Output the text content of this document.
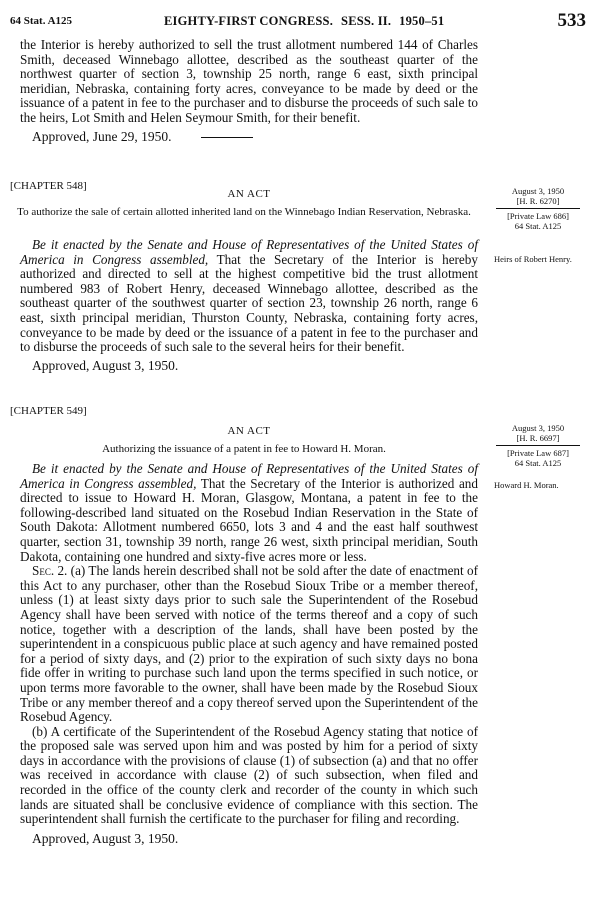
64 Stat. A125	EIGHTY-FIRST CONGRESS. SESS. II. 1950–51	533

the Interior is hereby authorized to sell the trust allotment numbered 144 of Charles Smith, deceased Winnebago allottee, described as the southeast quarter of the northwest quarter of section 3, township 25 north, range 6 east, sixth principal meridian, Nebraska, containing forty acres, conveyance to be made by deed or the issuance of a patent in fee to the purchaser and to disburse the proceeds of such sale to the heirs, Lot Smith and Helen Seymour Smith, for their benefit.

Approved, June 29, 1950.

[CHAPTER 548]
AN ACT
To authorize the sale of certain allotted inherited land on the Winnebago Indian Reservation, Nebraska.
August 3, 1950
[H. R. 6270]
[Private Law 686]
64 Stat. A125
Heirs of Robert Henry.

Be it enacted by the Senate and House of Representatives of the United States of America in Congress assembled, That the Secretary of the Interior is hereby authorized and directed to sell at the highest competitive bid the trust allotment numbered 983 of Robert Henry, deceased Winnebago allottee, described as the southeast quarter of the southwest quarter of section 23, township 26 north, range 6 east, sixth principal meridian, Thurston County, Nebraska, containing forty acres, conveyance to be made by deed or the issuance of a patent in fee to the purchaser and to disburse the proceeds of such sale to the several heirs for their benefit.

Approved, August 3, 1950.

[CHAPTER 549]
AN ACT
Authorizing the issuance of a patent in fee to Howard H. Moran.
August 3, 1950
[H. R. 6697]
[Private Law 687]
64 Stat. A125
Howard H. Moran.

Be it enacted by the Senate and House of Representatives of the United States of America in Congress assembled, That the Secretary of the Interior is authorized and directed to issue to Howard H. Moran, Glasgow, Montana, a patent in fee to the following-described land situated on the Rosebud Indian Reservation in the State of South Dakota: Allotment numbered 6650, lots 3 and 4 and the east half southwest quarter, section 31, township 39 north, range 26 west, sixth principal meridian, South Dakota, containing one hundred and sixty-five acres more or less.

Sec. 2. (a) The lands herein described shall not be sold after the date of enactment of this Act to any purchaser, other than the Rosebud Sioux Tribe or a member thereof, unless (1) at least sixty days prior to such sale the Superintendent of the Rosebud Agency shall have been served with notice of the terms thereof and a copy of such notice, together with a description of the lands, shall have been posted by the superintendent in a conspicuous public place at such agency and have remained posted for a period of sixty days, and (2) prior to the expiration of such sixty days no bona fide offer in writing to purchase such land upon the terms specified in such notice, or upon terms more favorable to the owner, shall have been made by the Rosebud Sioux Tribe or any member thereof and a copy thereof served upon the Superintendent of the Rosebud Agency.

(b) A certificate of the Superintendent of the Rosebud Agency stating that notice of the proposed sale was served upon him and was posted by him for a period of sixty days in accordance with the provisions of clause (1) of subsection (a) and that no offer was received in accordance with clause (2) of such subsection, when filed and recorded in the office of the county clerk and recorder of the county in which such lands are situated shall be conclusive evidence of compliance with this section. The superintendent shall furnish the certificate to the purchaser for filing and recording.

Approved, August 3, 1950.
